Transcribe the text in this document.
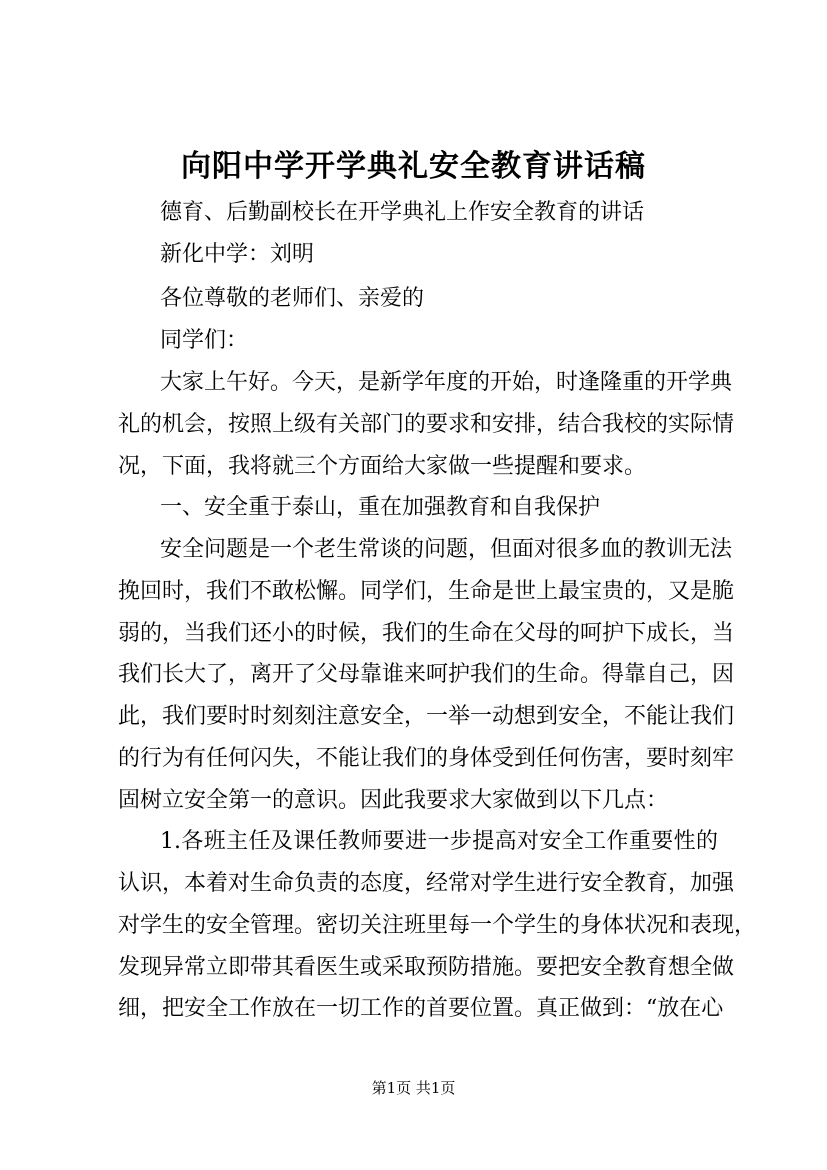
向阳中学开学典礼安全教育讲话稿
德育、后勤副校长在开学典礼上作安全教育的讲话
新化中学：刘明
各位尊敬的老师们、亲爱的
同学们：
大家上午好。今天，是新学年度的开始，时逢隆重的开学典
礼的机会，按照上级有关部门的要求和安排，结合我校的实际情
况，下面，我将就三个方面给大家做一些提醒和要求。
一、安全重于泰山，重在加强教育和自我保护
安全问题是一个老生常谈的问题，但面对很多血的教训无法
挽回时，我们不敢松懈。同学们，生命是世上最宝贵的，又是脆
弱的，当我们还小的时候，我们的生命在父母的呵护下成长，当
我们长大了，离开了父母靠谁来呵护我们的生命。得靠自己，因
此，我们要时时刻刻注意安全，一举一动想到安全，不能让我们
的行为有任何闪失，不能让我们的身体受到任何伤害，要时刻牢
固树立安全第一的意识。因此我要求大家做到以下几点：
1.各班主任及课任教师要进一步提高对安全工作重要性的
认识，本着对生命负责的态度，经常对学生进行安全教育，加强
对学生的安全管理。密切关注班里每一个学生的身体状况和表现，
发现异常立即带其看医生或采取预防措施。要把安全教育想全做
细，把安全工作放在一切工作的首要位置。真正做到：“放在心
第1页 共1页
